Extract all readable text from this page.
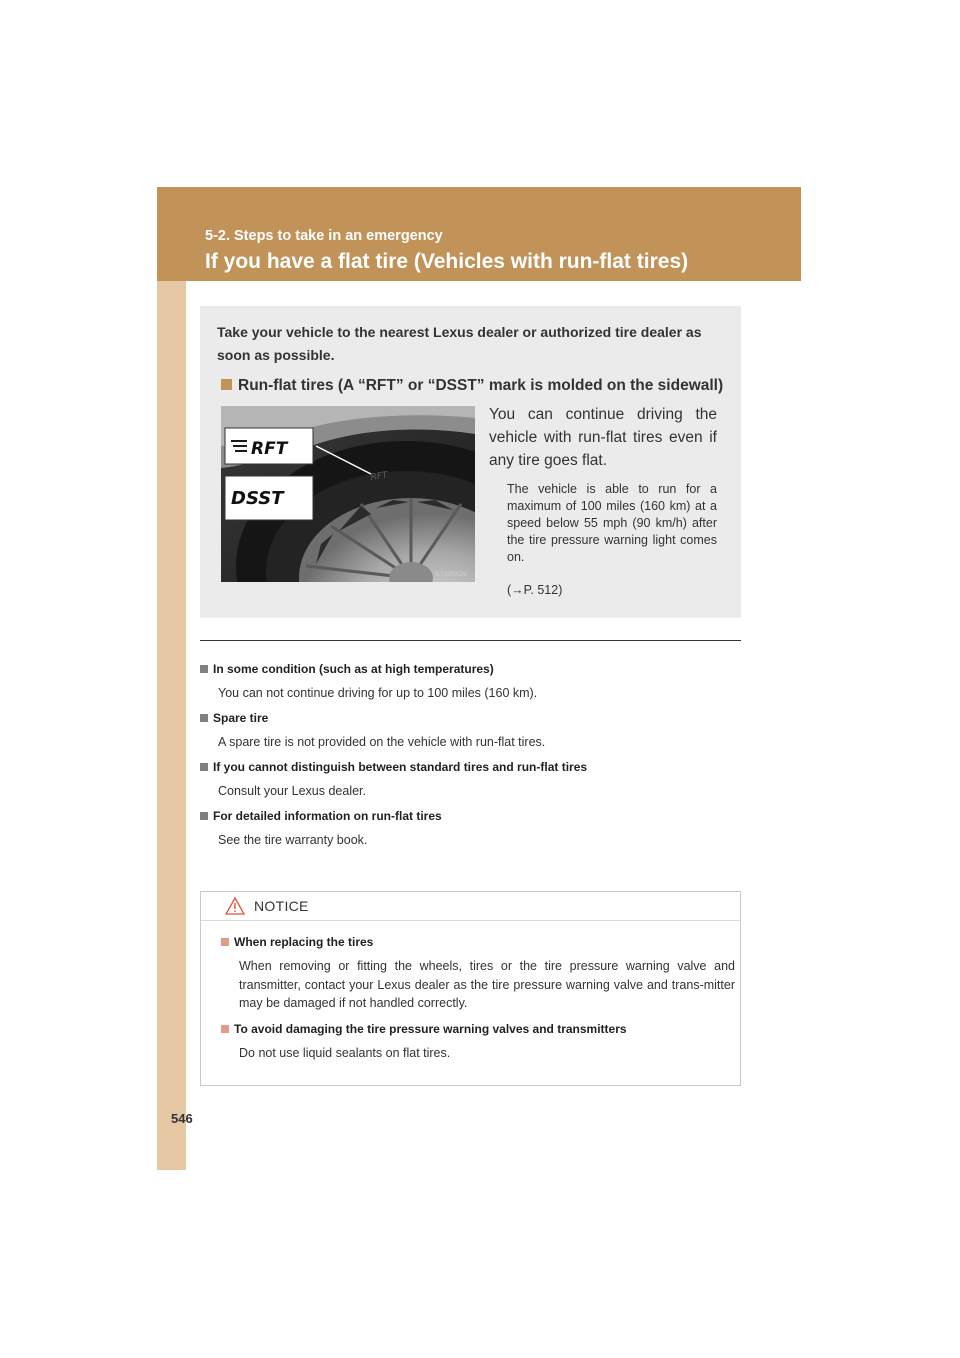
5-2. Steps to take in an emergency
If you have a flat tire (Vehicles with run-flat tires)
Take your vehicle to the nearest Lexus dealer or authorized tire dealer as soon as possible.
Run-flat tires (A “RFT” or “DSST” mark is molded on the sidewall)
RFT
RFT
DSST
ILY52S029
You can continue driving the vehicle with run-flat tires even if any tire goes flat.
The vehicle is able to run for a maximum of 100 miles (160 km) at a speed below 55 mph (90 km/h) after the tire pressure warning light comes on.
(→P. 512)
In some condition (such as at high temperatures)
You can not continue driving for up to 100 miles (160 km).
Spare tire
A spare tire is not provided on the vehicle with run-flat tires.
If you cannot distinguish between standard tires and run-flat tires
Consult your Lexus dealer.
For detailed information on run-flat tires
See the tire warranty book.
NOTICE
When replacing the tires
When removing or fitting the wheels, tires or the tire pressure warning valve and transmitter, contact your Lexus dealer as the tire pressure warning valve and trans-mitter may be damaged if not handled correctly.
To avoid damaging the tire pressure warning valves and transmitters
Do not use liquid sealants on flat tires.
546
